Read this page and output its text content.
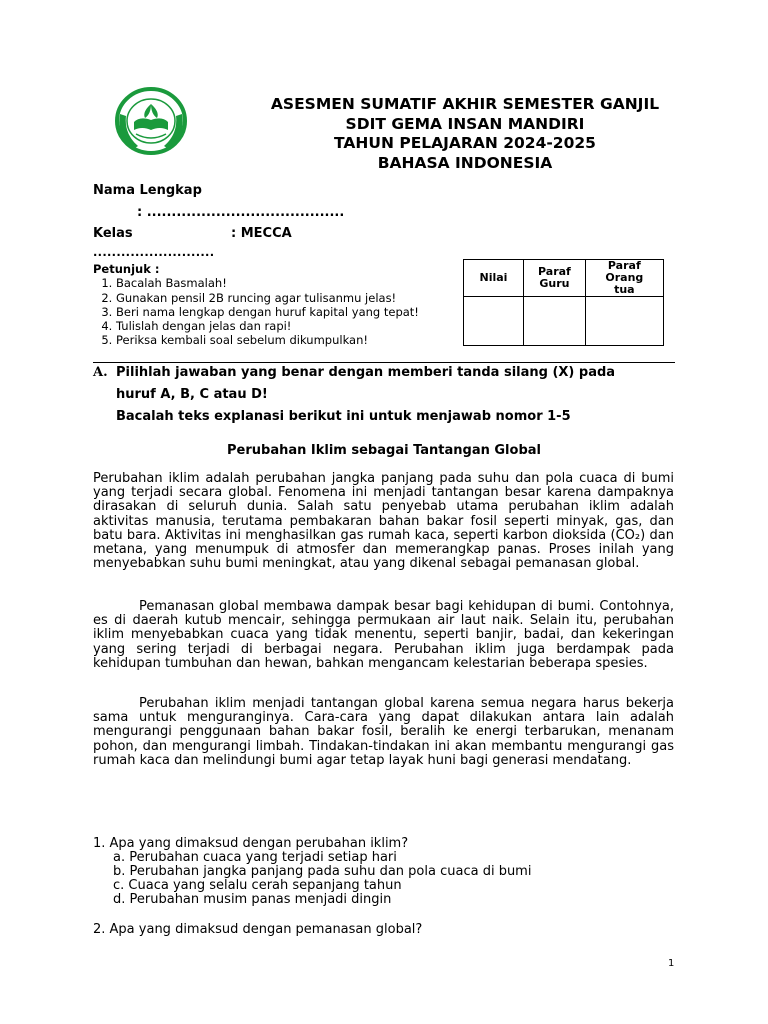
ASESMEN SUMATIF AKHIR SEMESTER GANJIL
SDIT GEMA INSAN MANDIRI
TAHUN PELAJARAN 2024-2025
BAHASA INDONESIA
Nama Lengkap
: ........................................
Kelas	: MECCA
..........................
Petunjuk :
1. Bacalah Basmalah!
2. Gunakan pensil 2B runcing agar tulisanmu jelas!
3. Beri nama lengkap dengan huruf kapital yang tepat!
4. Tulislah dengan jelas dan rapi!
5. Periksa kembali soal sebelum dikumpulkan!
Nilai	Paraf Guru	Paraf Orang tua

A. Pilihlah jawaban yang benar dengan memberi tanda silang (X) pada
huruf A, B, C atau D!
Bacalah teks explanasi berikut ini untuk menjawab nomor 1-5
Perubahan Iklim sebagai Tantangan Global
Perubahan iklim adalah perubahan jangka panjang pada suhu dan pola cuaca di bumi yang terjadi secara global. Fenomena ini menjadi tantangan besar karena dampaknya dirasakan di seluruh dunia. Salah satu penyebab utama perubahan iklim adalah aktivitas manusia, terutama pembakaran bahan bakar fosil seperti minyak, gas, dan batu bara. Aktivitas ini menghasilkan gas rumah kaca, seperti karbon dioksida (CO₂) dan metana, yang menumpuk di atmosfer dan memerangkap panas. Proses inilah yang menyebabkan suhu bumi meningkat, atau yang dikenal sebagai pemanasan global.
Pemanasan global membawa dampak besar bagi kehidupan di bumi. Contohnya, es di daerah kutub mencair, sehingga permukaan air laut naik. Selain itu, perubahan iklim menyebabkan cuaca yang tidak menentu, seperti banjir, badai, dan kekeringan yang sering terjadi di berbagai negara. Perubahan iklim juga berdampak pada kehidupan tumbuhan dan hewan, bahkan mengancam kelestarian beberapa spesies.
Perubahan iklim menjadi tantangan global karena semua negara harus bekerja sama untuk menguranginya. Cara-cara yang dapat dilakukan antara lain adalah mengurangi penggunaan bahan bakar fosil, beralih ke energi terbarukan, menanam pohon, dan mengurangi limbah. Tindakan-tindakan ini akan membantu mengurangi gas rumah kaca dan melindungi bumi agar tetap layak huni bagi generasi mendatang.
1. Apa yang dimaksud dengan perubahan iklim?
a. Perubahan cuaca yang terjadi setiap hari
b. Perubahan jangka panjang pada suhu dan pola cuaca di bumi
c. Cuaca yang selalu cerah sepanjang tahun
d. Perubahan musim panas menjadi dingin
2. Apa yang dimaksud dengan pemanasan global?
1
